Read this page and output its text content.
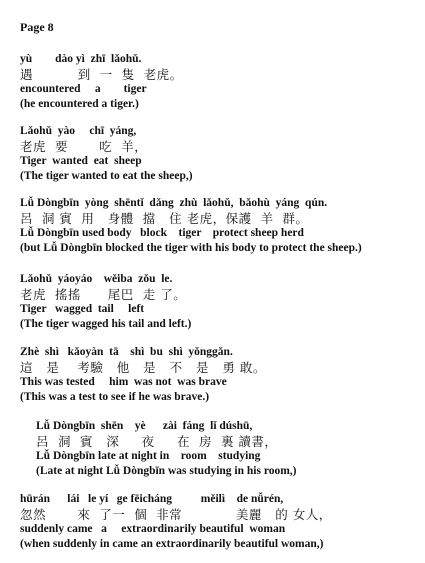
Page 8
yù        dào yì  zhī  lǎohǔ.
遇          到  一  隻  老虎。
encountered     a        tiger
(he encountered a tiger.)
Lǎohǔ  yào     chī  yáng,
老虎  要       吃  羊，
Tiger  wanted  eat  sheep
(The tiger wanted to eat the sheep,)
Lǚ Dòngbīn  yòng  shēntǐ  dǎng  zhù  lǎohǔ,  bǎohù  yáng  qún.
呂  洞 賓  用   身體  擋   住 老虎，保護  羊  群。
Lǚ Dòngbīn used body   block    tiger    protect sheep herd
(but Lǚ Dòngbīn blocked the tiger with his body to protect the sheep.)
Lǎohǔ  yáoyáo    wěiba  zǒu  le.
老虎  搖搖      尾巴  走 了。
Tiger   wagged  tail     left
(The tiger wagged his tail and left.)
Zhè  shì   kǎoyàn  tā    shì  bu  shì  yǒnggǎn.
這   是    考驗   他   是   不   是   勇 敢。
This was tested     him  was not  was brave
(This was a test to see if he was brave.)
Lǚ Dòngbīn  shēn    yè      zài  fáng  lǐ dúshū,
呂  洞  賓   深     夜     在  房  裏 讀書，
Lǚ Dòngbīn late at night in    room    studying
(Late at night Lǚ Dòngbīn was studying in his room,)
hūrán      lái   le yí   ge fēicháng          měilì    de nǚrén,
忽然       來  了一  個  非常            美麗   的 女人，
suddenly came   a     extraordinarily beautiful  woman
(when suddenly in came an extraordinarily beautiful woman,)
